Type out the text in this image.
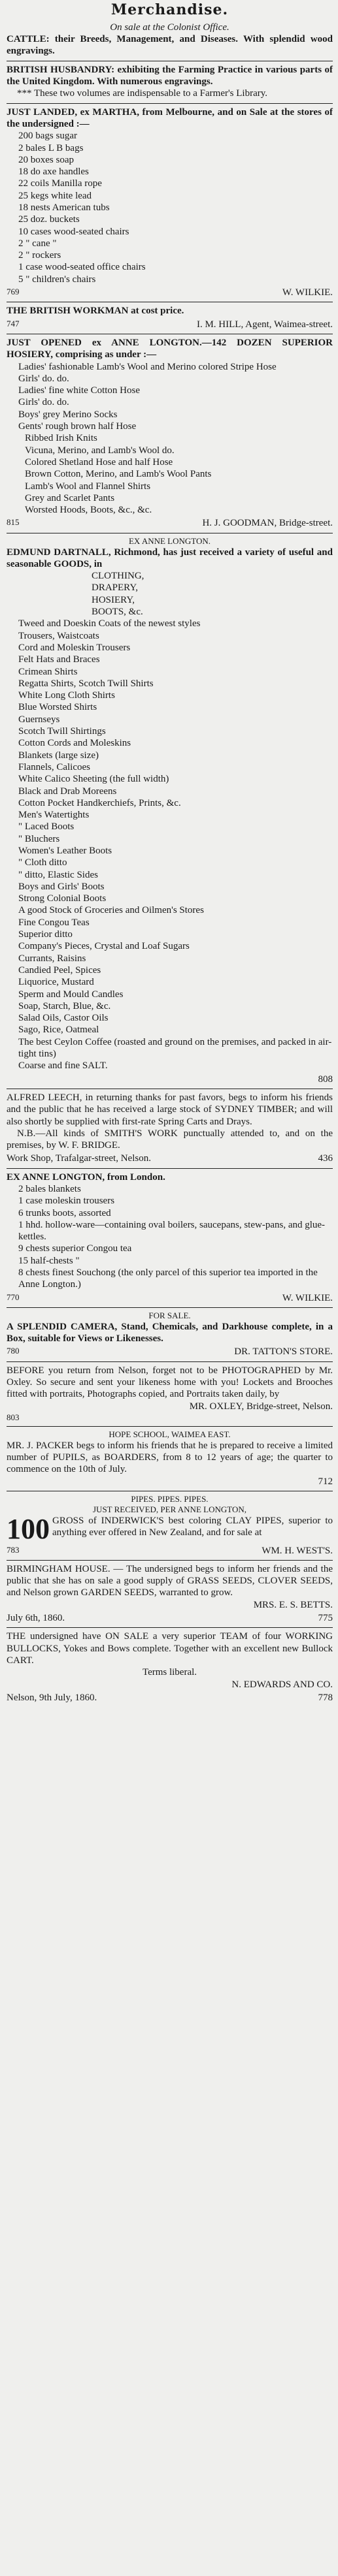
Merchandise.

On sale at the Colonist Office.

CATTLE: their Breeds, Management, and Diseases. With splendid wood engravings.

BRITISH HUSBANDRY: exhibiting the Farming Practice in various parts of the United Kingdom. With numerous engravings.

*** These two volumes are indispensable to a Farmer's Library.

JUST LANDED, ex MARTHA, from Melbourne, and on Sale at the stores of the undersigned :—

200 bags sugar
2 bales L B bags
20 boxes soap
18 do axe handles
22 coils Manilla rope
25 kegs white lead
18 nests American tubs
25 doz. buckets
10 cases wood-seated chairs
2 " cane "
2 " rockers
1 case wood-seated office chairs
5 " children's chairs
769	W. WILKIE.

THE BRITISH WORKMAN at cost price.

747	I. M. HILL, Agent, Waimea-street.

JUST OPENED ex ANNE LONGTON.—142 DOZEN SUPERIOR HOSIERY, comprising as under :—

Ladies' fashionable Lamb's Wool and Merino colored Stripe Hose
Girls' do. do.
Ladies' fine white Cotton Hose
Girls' do. do.
Boys' grey Merino Socks
Gents' rough brown half Hose
Ribbed Irish Knits
Vicuna, Merino, and Lamb's Wool do.
Colored Shetland Hose and half Hose
Brown Cotton, Merino, and Lamb's Wool Pants
Lamb's Wool and Flannel Shirts
Grey and Scarlet Pants
Worsted Hoods, Boots, &c., &c.
815	H. J. GOODMAN, Bridge-street.

EX ANNE LONGTON.

EDMUND DARTNALL, Richmond, has just received a variety of useful and seasonable GOODS, in

CLOTHING,
DRAPERY,
HOSIERY,
BOOTS, &c.
Tweed and Doeskin Coats of the newest styles
Trousers, Waistcoats
Cord and Moleskin Trousers
Felt Hats and Braces
Crimean Shirts
Regatta Shirts, Scotch Twill Shirts
White Long Cloth Shirts
Blue Worsted Shirts
Guernseys
Scotch Twill Shirtings
Cotton Cords and Moleskins
Blankets (large size)
Flannels, Calicoes
White Calico Sheeting (the full width)
Black and Drab Moreens
Cotton Pocket Handkerchiefs, Prints, &c.
Men's Watertights
" Laced Boots
" Bluchers
Women's Leather Boots
" Cloth ditto
" ditto, Elastic Sides
Boys and Girls' Boots
Strong Colonial Boots
A good Stock of Groceries and Oilmen's Stores
Fine Congou Teas
Superior ditto
Company's Pieces, Crystal and Loaf Sugars
Currants, Raisins
Candied Peel, Spices
Liquorice, Mustard
Sperm and Mould Candles
Soap, Starch, Blue, &c.
Salad Oils, Castor Oils
Sago, Rice, Oatmeal
The best Ceylon Coffee (roasted and ground on the premises, and packed in air-tight tins)
Coarse and fine SALT.
808

ALFRED LEECH, in returning thanks for past favors, begs to inform his friends and the public that he has received a large stock of SYDNEY TIMBER; and will also shortly be supplied with first-rate Spring Carts and Drays.

N.B.—All kinds of SMITH'S WORK punctually attended to, and on the premises, by W. F. BRIDGE.

Work Shop, Trafalgar-street, Nelson.	436

EX ANNE LONGTON, from London.

2 bales blankets
1 case moleskin trousers
6 trunks boots, assorted
1 hhd. hollow-ware—containing oval boilers, saucepans, stew-pans, and glue-kettles.
9 chests superior Congou tea
15 half-chests "
8 chests finest Souchong (the only parcel of this superior tea imported in the Anne Longton.)
770	W. WILKIE.

FOR SALE.

A SPLENDID CAMERA, Stand, Chemicals, and Darkhouse complete, in a Box, suitable for Views or Likenesses.

780	DR. TATTON'S STORE.

BEFORE you return from Nelson, forget not to be PHOTOGRAPHED by Mr. Oxley. So secure and sent your likeness home with you! Lockets and Brooches fitted with portraits, Photographs copied, and Portraits taken daily, by

MR. OXLEY, Bridge-street, Nelson.

803

HOPE SCHOOL, WAIMEA EAST.

MR. J. PACKER begs to inform his friends that he is prepared to receive a limited number of PUPILS, as BOARDERS, from 8 to 12 years of age; the quarter to commence on the 10th of July.

712

PIPES. PIPES. PIPES.

JUST RECEIVED, PER ANNE LONGTON,

100 GROSS of INDERWICK'S best coloring CLAY PIPES, superior to anything ever offered in New Zealand, and for sale at

783	WM. H. WEST'S.

BIRMINGHAM HOUSE. — The undersigned begs to inform her friends and the public that she has on sale a good supply of GRASS SEEDS, CLOVER SEEDS, and Nelson grown GARDEN SEEDS, warranted to grow.

MRS. E. S. BETTS.

July 6th, 1860.	775

THE undersigned have ON SALE a very superior TEAM of four WORKING BULLOCKS, Yokes and Bows complete. Together with an excellent new Bullock CART.

Terms liberal.

N. EDWARDS AND CO.

Nelson, 9th July, 1860.	778
